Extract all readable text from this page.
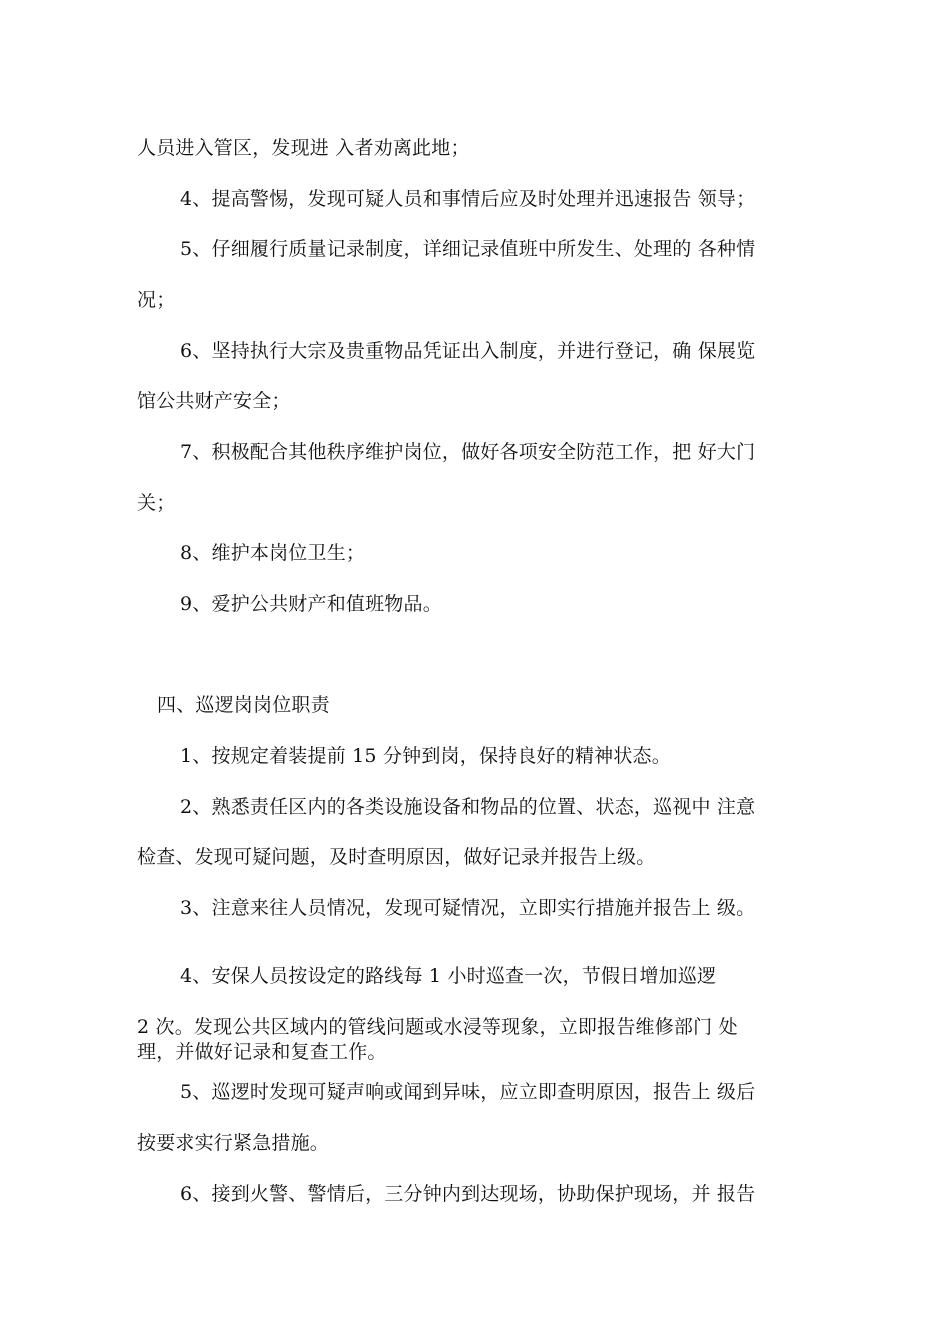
人员进入管区，发现进 入者劝离此地；
4、提高警惕，发现可疑人员和事情后应及时处理并迅速报告 领导；
5、仔细履行质量记录制度，详细记录值班中所发生、处理的 各种情
况；
6、坚持执行大宗及贵重物品凭证出入制度，并进行登记，确 保展览
馆公共财产安全；
7、积极配合其他秩序维护岗位，做好各项安全防范工作，把 好大门
关；
8、维护本岗位卫生；
9、爱护公共财产和值班物品。
四、巡逻岗岗位职责
1、按规定着装提前 15 分钟到岗，保持良好的精神状态。
2、熟悉责任区内的各类设施设备和物品的位置、状态，巡视中 注意
检查、发现可疑问题，及时查明原因，做好记录并报告上级。
3、注意来往人员情况，发现可疑情况，立即实行措施并报告上 级。
4、安保人员按设定的路线每 1 小时巡查一次，节假日增加巡逻
2 次。发现公共区域内的管线问题或水浸等现象，立即报告维修部门 处
理，并做好记录和复查工作。
5、巡逻时发现可疑声响或闻到异味，应立即查明原因，报告上 级后
按要求实行紧急措施。
6、接到火警、警情后，三分钟内到达现场，协助保护现场，并 报告
